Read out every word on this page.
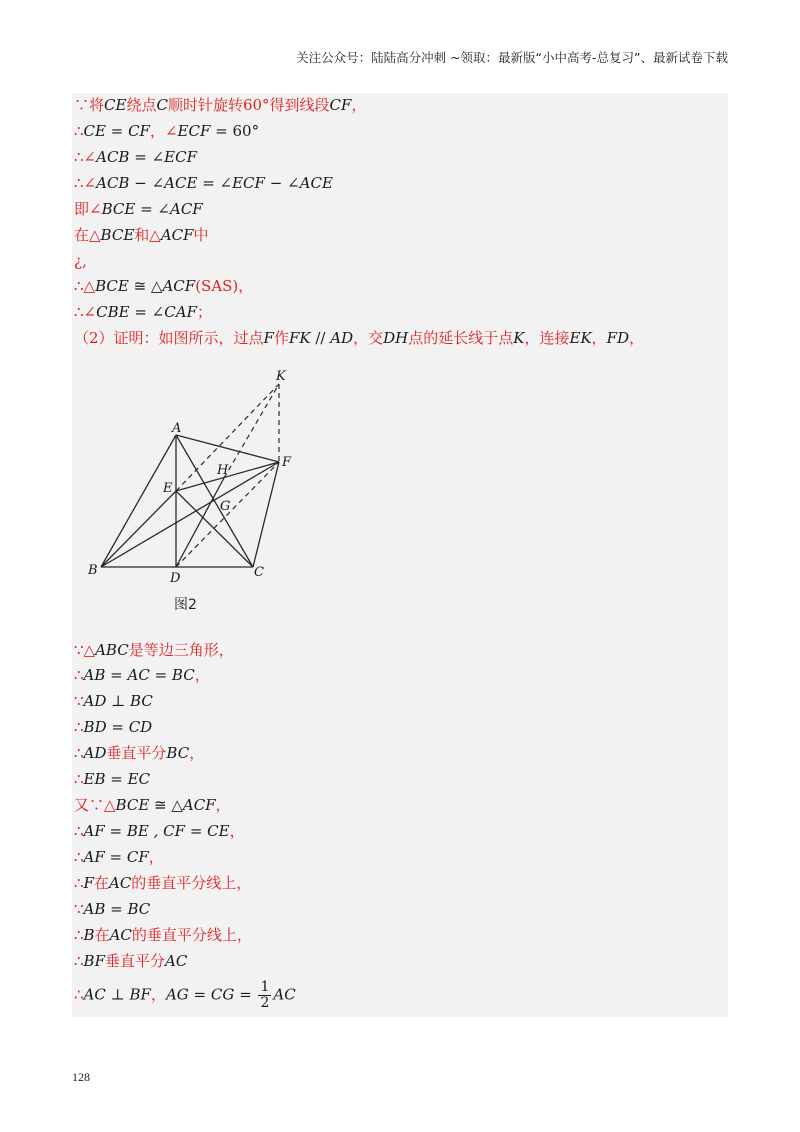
关注公众号：陆陆高分冲刺 ~领取：最新版“小中高考-总复习”、最新试卷下载
∵将CE绕点C顺时针旋转60°得到线段CF，
∴CE = CF，∠ECF = 60°
∴∠ACB = ∠ECF
∴∠ACB − ∠ACE = ∠ECF − ∠ACE
即∠BCE = ∠ACF
在△BCE和△ACF中
¿,
∴△BCE ≅ △ACF(SAS)，
∴∠CBE = ∠CAF；
（2）证明：如图所示，过点F作FK // AD，交DH点的延长线于点K，连接EK，FD，
K
A
F
H
E
G
B
D	C
图2
∵△ABC是等边三角形，
∴AB = AC = BC，
∵AD ⊥ BC
∴BD = CD
∴AD垂直平分BC，
∴EB = EC
又∵△BCE ≅ △ACF，
∴AF = BE , CF = CE，
∴AF = CF，
∴F在AC的垂直平分线上，
∵AB = BC
∴B在AC的垂直平分线上，
∴BF垂直平分AC
∴AC ⊥ BF，AG = CG = $\frac{1}{2}$ AC
128
